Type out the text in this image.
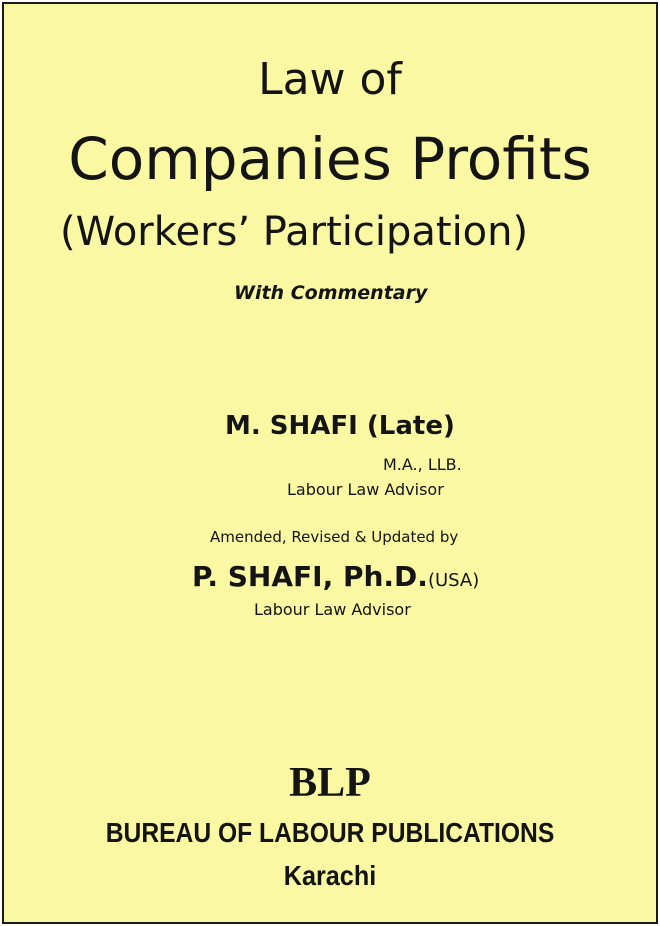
Law of
Companies Profits
(Workers’ Participation)
With Commentary
M. SHAFI (Late)
M.A., LLB.
Labour Law Advisor
Amended, Revised & Updated by
P. SHAFI, Ph.D.(USA)
Labour Law Advisor
BLP
BUREAU OF LABOUR PUBLICATIONS
Karachi
